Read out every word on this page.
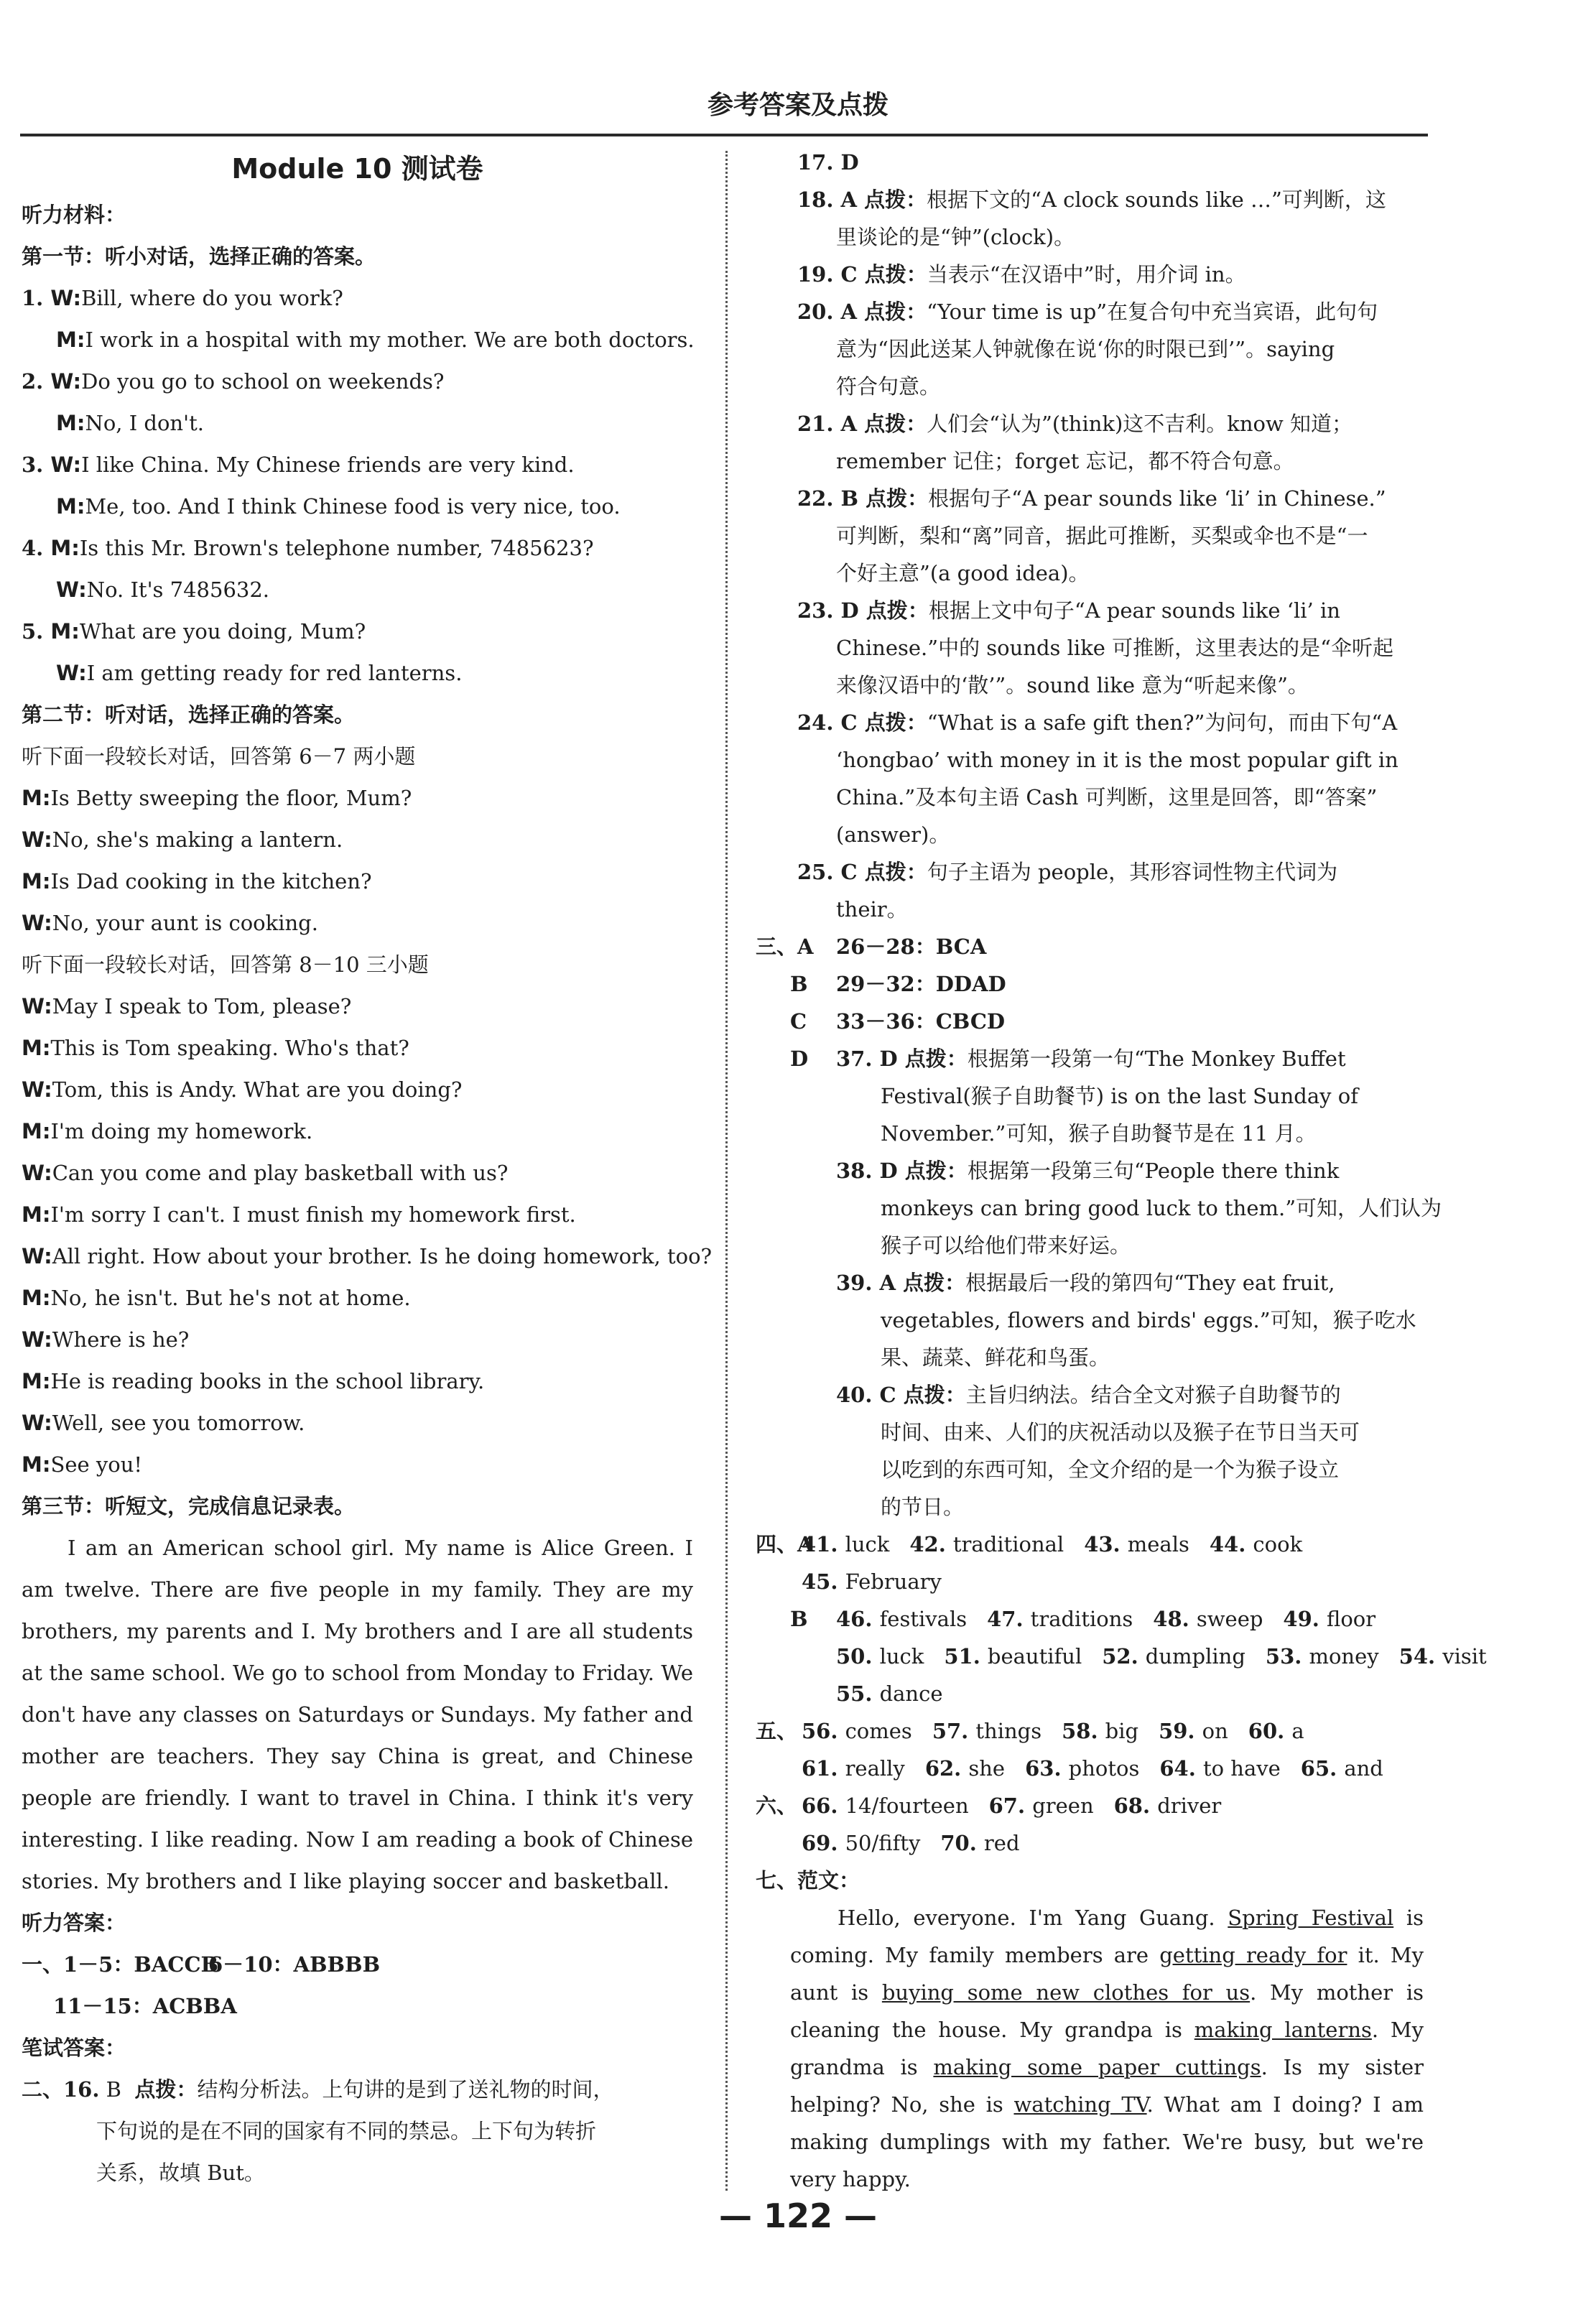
参考答案及点拨

Module 10 测试卷

听力材料：

第一节：听小对话，选择正确的答案。

1. W:Bill, where do you work?

M:I work in a hospital with my mother. We are both doctors.

2. W:Do you go to school on weekends?

M:No, I don't.

3. W:I like China. My Chinese friends are very kind.

M:Me, too. And I think Chinese food is very nice, too.

4. M:Is this Mr. Brown's telephone number, 7485623?

W:No. It's 7485632.

5. M:What are you doing, Mum?

W:I am getting ready for red lanterns.

第二节：听对话，选择正确的答案。

听下面一段较长对话，回答第 6－7 两小题

M:Is Betty sweeping the floor, Mum?

W:No, she's making a lantern.

M:Is Dad cooking in the kitchen?

W:No, your aunt is cooking.

听下面一段较长对话，回答第 8－10 三小题

W:May I speak to Tom, please?

M:This is Tom speaking. Who's that?

W:Tom, this is Andy. What are you doing?

M:I'm doing my homework.

W:Can you come and play basketball with us?

M:I'm sorry I can't. I must finish my homework first.

W:All right. How about your brother. Is he doing homework, too?

M:No, he isn't. But he's not at home.

W:Where is he?

M:He is reading books in the school library.

W:Well, see you tomorrow.

M:See you!

第三节：听短文，完成信息记录表。

I am an American school girl. My name is Alice Green. I am twelve. There are five people in my family. They are my brothers, my parents and I. My brothers and I are all students at the same school. We go to school from Monday to Friday. We don't have any classes on Saturdays or Sundays. My father and mother are teachers. They say China is great, and Chinese people are friendly. I want to travel in China. I think it's very interesting. I like reading. Now I am reading a book of Chinese stories. My brothers and I like playing soccer and basketball.

听力答案：

一、1－5：BACCB6－10：ABBBB

11－15：ACBBA

笔试答案：

二、16. B 点拨：结构分析法。上句讲的是到了送礼物的时间，

下句说的是在不同的国家有不同的禁忌。上下句为转折

关系，故填 But。

17. D

18. A 点拨：根据下文的“A clock sounds like …”可判断，这

里谈论的是“钟”(clock)。

19. C 点拨：当表示“在汉语中”时，用介词 in。

20. A 点拨：“Your time is up”在复合句中充当宾语，此句句

意为“因此送某人钟就像在说‘你的时限已到’”。saying

符合句意。

21. A 点拨：人们会“认为”(think)这不吉利。know 知道；

remember 记住；forget 忘记，都不符合句意。

22. B 点拨：根据句子“A pear sounds like ‘li’ in Chinese.”

可判断，梨和“离”同音，据此可推断，买梨或伞也不是“一

个好主意”(a good idea)。

23. D 点拨：根据上文中句子“A pear sounds like ‘li’ in

Chinese.”中的 sounds like 可推断，这里表达的是“伞听起

来像汉语中的‘散’”。sound like 意为“听起来像”。

24. C 点拨：“What is a safe gift then?”为问句，而由下句“A

‘hongbao’ with money in it is the most popular gift in

China.”及本句主语 Cash 可判断，这里是回答，即“答案”

(answer)。

25. C 点拨：句子主语为 people，其形容词性物主代词为

their。

三、A 26－28：BCA

B 29－32：DDAD

C 33－36：CBCD

D 37. D 点拨：根据第一段第一句“The Monkey Buffet

Festival(猴子自助餐节) is on the last Sunday of

November.”可知，猴子自助餐节是在 11 月。

38. D 点拨：根据第一段第三句“People there think

monkeys can bring good luck to them.”可知，人们认为

猴子可以给他们带来好运。

39. A 点拨：根据最后一段的第四句“They eat fruit,

vegetables, flowers and birds' eggs.”可知，猴子吃水

果、蔬菜、鲜花和鸟蛋。

40. C 点拨：主旨归纳法。结合全文对猴子自助餐节的

时间、由来、人们的庆祝活动以及猴子在节日当天可

以吃到的东西可知，全文介绍的是一个为猴子设立

的节日。

四、A41. luck 42. traditional 43. meals 44. cook

45. February

B 46. festivals 47. traditions 48. sweep 49. floor

50. luck 51. beautiful 52. dumpling 53. money 54. visit

55. dance

五、 56. comes 57. things 58. big 59. on 60. a

61. really 62. she 63. photos 64. to have 65. and

六、 66. 14/fourteen 67. green 68. driver

69. 50/fifty 70. red

七、范文：

Hello, everyone. I'm Yang Guang. Spring Festival is coming. My family members are getting ready for it. My aunt is buying some new clothes for us. My mother is cleaning the house. My grandpa is making lanterns. My grandma is making some paper cuttings. Is my sister helping? No, she is watching TV. What am I doing? I am making dumplings with my father. We're busy, but we're very happy.

— 122 —
